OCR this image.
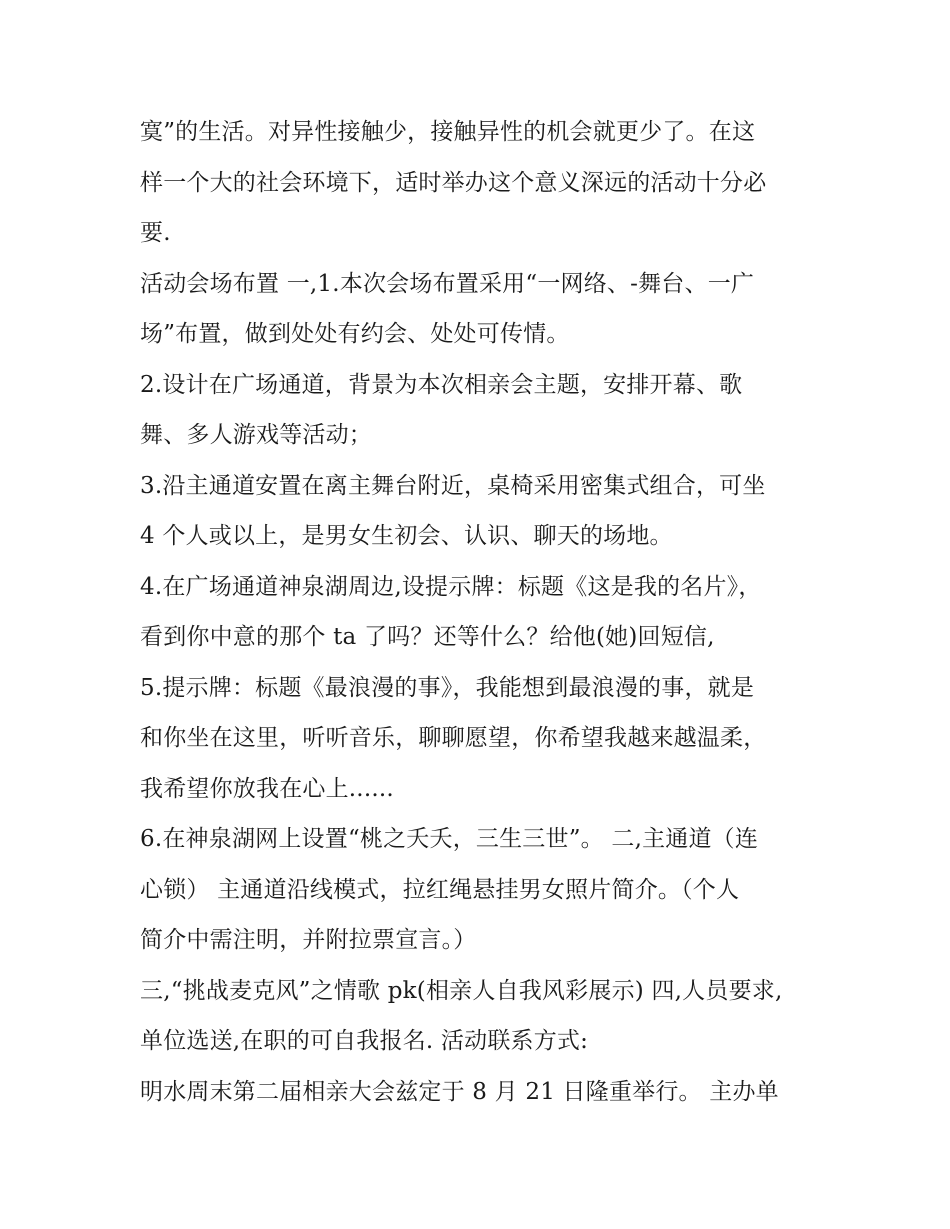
寞”的生活。对异性接触少，接触异性的机会就更少了。在这
样一个大的社会环境下，适时举办这个意义深远的活动十分必
要.
活动会场布置 一,1.本次会场布置采用“一网络、-舞台、一广
场”布置，做到处处有约会、处处可传情。
2.设计在广场通道，背景为本次相亲会主题，安排开幕、歌
舞、多人游戏等活动；
3.沿主通道安置在离主舞台附近，桌椅采用密集式组合，可坐
4 个人或以上，是男女生初会、认识、聊天的场地。
4.在广场通道神泉湖周边,设提示牌：标题《这是我的名片》，
看到你中意的那个 ta 了吗？还等什么？给他(她)回短信,
5.提示牌：标题《最浪漫的事》，我能想到最浪漫的事，就是
和你坐在这里，听听音乐，聊聊愿望，你希望我越来越温柔，
我希望你放我在心上......
6.在神泉湖网上设置“桃之夭夭，三生三世”。 二,主通道（连
心锁） 主通道沿线模式，拉红绳悬挂男女照片简介。（个人
简介中需注明，并附拉票宣言。）
三,“挑战麦克风”之情歌 pk(相亲人自我风彩展示) 四,人员要求,
单位选送,在职的可自我报名. 活动联系方式:
明水周末第二届相亲大会兹定于 8 月 21 日隆重举行。 主办单
